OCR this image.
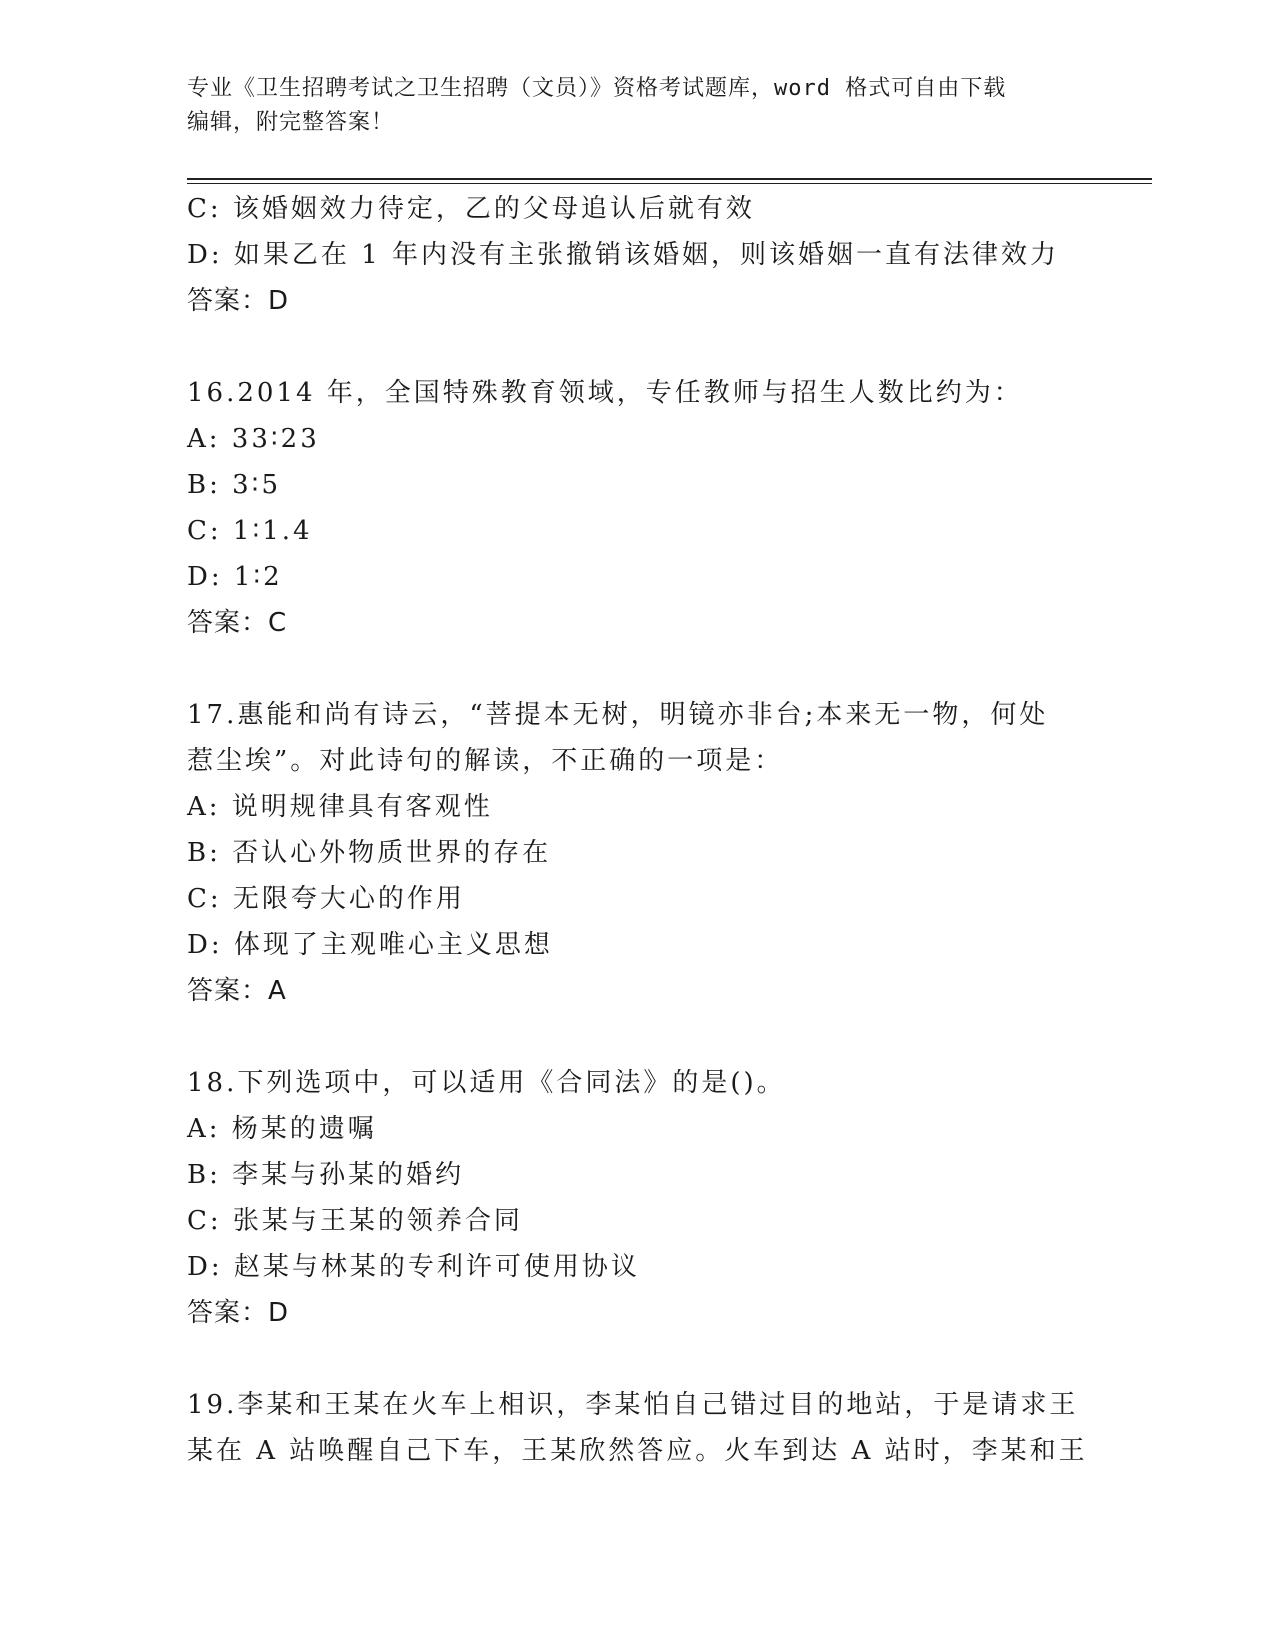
专业《卫生招聘考试之卫生招聘（文员）》资格考试题库，word 格式可自由下载
编辑，附完整答案！
C: 该婚姻效力待定，乙的父母追认后就有效
D: 如果乙在 1 年内没有主张撤销该婚姻，则该婚姻一直有法律效力
答案：D
16.2014 年，全国特殊教育领域，专任教师与招生人数比约为：
A: 33∶23
B: 3∶5
C: 1∶1.4
D: 1∶2
答案：C
17.惠能和尚有诗云，“菩提本无树，明镜亦非台;本来无一物，何处
惹尘埃”。对此诗句的解读，不正确的一项是：
A: 说明规律具有客观性
B: 否认心外物质世界的存在
C: 无限夸大心的作用
D: 体现了主观唯心主义思想
答案：A
18.下列选项中，可以适用《合同法》的是()。
A: 杨某的遗嘱
B: 李某与孙某的婚约
C: 张某与王某的领养合同
D: 赵某与林某的专利许可使用协议
答案：D
19.李某和王某在火车上相识，李某怕自己错过目的地站，于是请求王
某在 A 站唤醒自己下车，王某欣然答应。火车到达 A 站时，李某和王
